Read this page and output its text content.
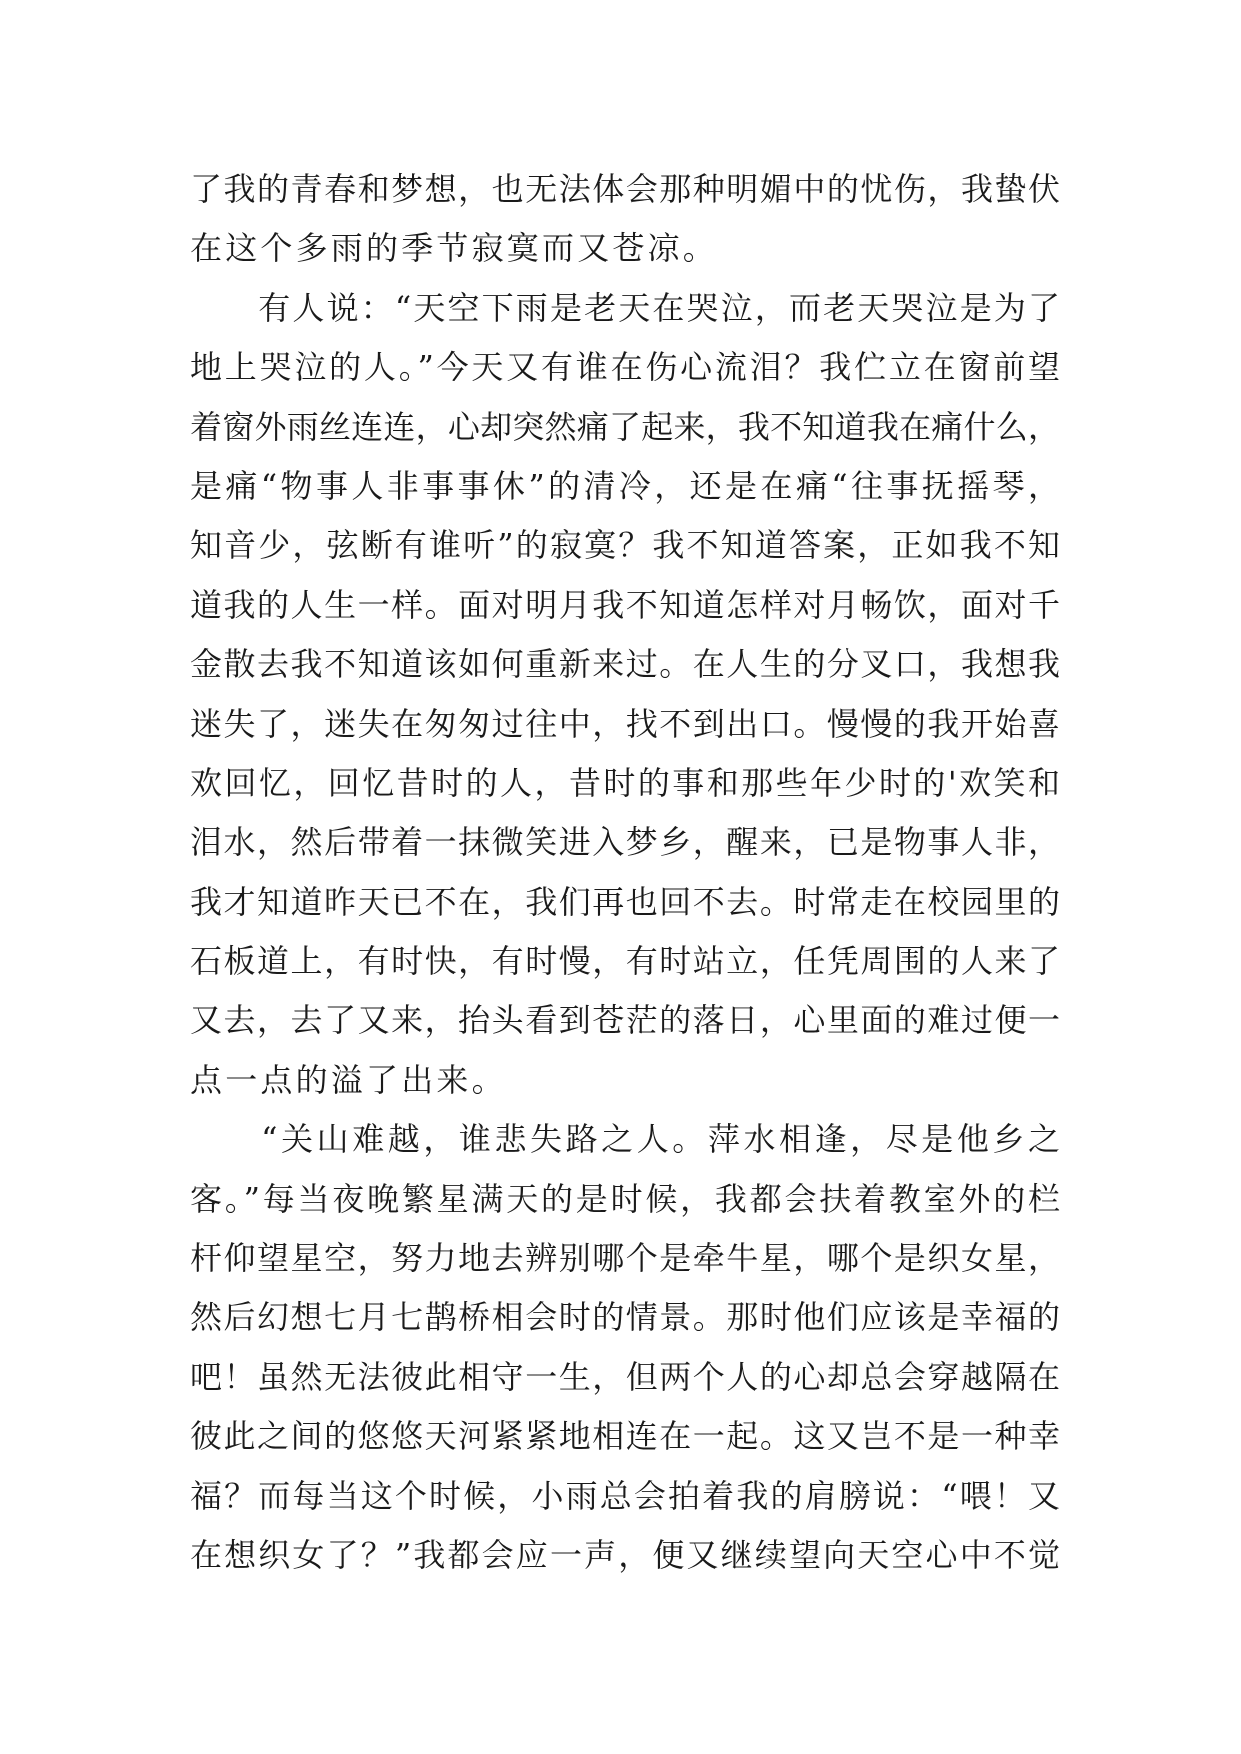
了我的青春和梦想，也无法体会那种明媚中的忧伤，我蛰伏
在这个多雨的季节寂寞而又苍凉。
　　有人说：“天空下雨是老天在哭泣，而老天哭泣是为了
地上哭泣的人。”今天又有谁在伤心流泪？我伫立在窗前望
着窗外雨丝连连，心却突然痛了起来，我不知道我在痛什么，
是痛“物事人非事事休”的清冷，还是在痛“往事抚摇琴，
知音少，弦断有谁听”的寂寞？我不知道答案，正如我不知
道我的人生一样。面对明月我不知道怎样对月畅饮，面对千
金散去我不知道该如何重新来过。在人生的分叉口，我想我
迷失了，迷失在匆匆过往中，找不到出口。慢慢的我开始喜
欢回忆，回忆昔时的人，昔时的事和那些年少时的'欢笑和
泪水，然后带着一抹微笑进入梦乡，醒来，已是物事人非，
我才知道昨天已不在，我们再也回不去。时常走在校园里的
石板道上，有时快，有时慢，有时站立，任凭周围的人来了
又去，去了又来，抬头看到苍茫的落日，心里面的难过便一
点一点的溢了出来。
　　“关山难越，谁悲失路之人。萍水相逢，尽是他乡之
客。”每当夜晚繁星满天的是时候，我都会扶着教室外的栏
杆仰望星空，努力地去辨别哪个是牵牛星，哪个是织女星，
然后幻想七月七鹊桥相会时的情景。那时他们应该是幸福的
吧！虽然无法彼此相守一生，但两个人的心却总会穿越隔在
彼此之间的悠悠天河紧紧地相连在一起。这又岂不是一种幸
福？而每当这个时候，小雨总会拍着我的肩膀说：“喂！又
在想织女了？”我都会应一声，便又继续望向天空心中不觉
